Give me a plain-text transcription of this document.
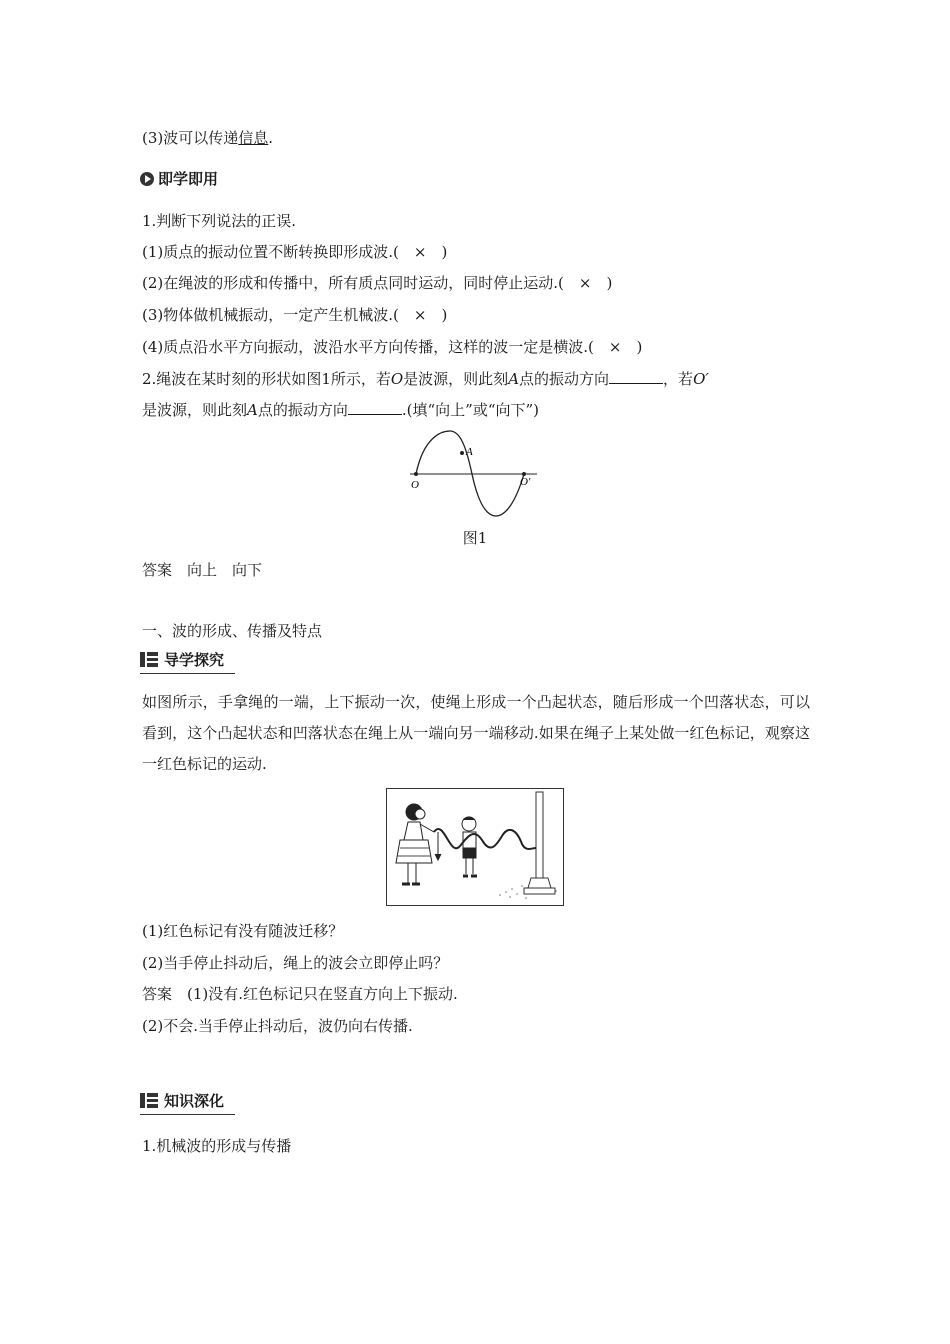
(3)波可以传递信息.
即学即用
1.判断下列说法的正误.
(1)质点的振动位置不断转换即形成波.(　×　)
(2)在绳波的形成和传播中，所有质点同时运动，同时停止运动.(　×　)
(3)物体做机械振动，一定产生机械波.(　×　)
(4)质点沿水平方向振动，波沿水平方向传播，这样的波一定是横波.(　×　)
2.绳波在某时刻的形状如图1所示，若O是波源，则此刻A点的振动方向	，若O′
是波源，则此刻A点的振动方向	.(填“向上”或“向下”)
O
A
O′
图1
答案　向上　向下
一、波的形成、传播及特点
导学探究
如图所示，手拿绳的一端，上下振动一次，使绳上形成一个凸起状态，随后形成一个凹落状态，可以看到，这个凸起状态和凹落状态在绳上从一端向另一端移动.如果在绳子上某处做一红色标记，观察这一红色标记的运动.
(1)红色标记有没有随波迁移？
(2)当手停止抖动后，绳上的波会立即停止吗？
答案　(1)没有.红色标记只在竖直方向上下振动.
(2)不会.当手停止抖动后，波仍向右传播.
知识深化
1.机械波的形成与传播
